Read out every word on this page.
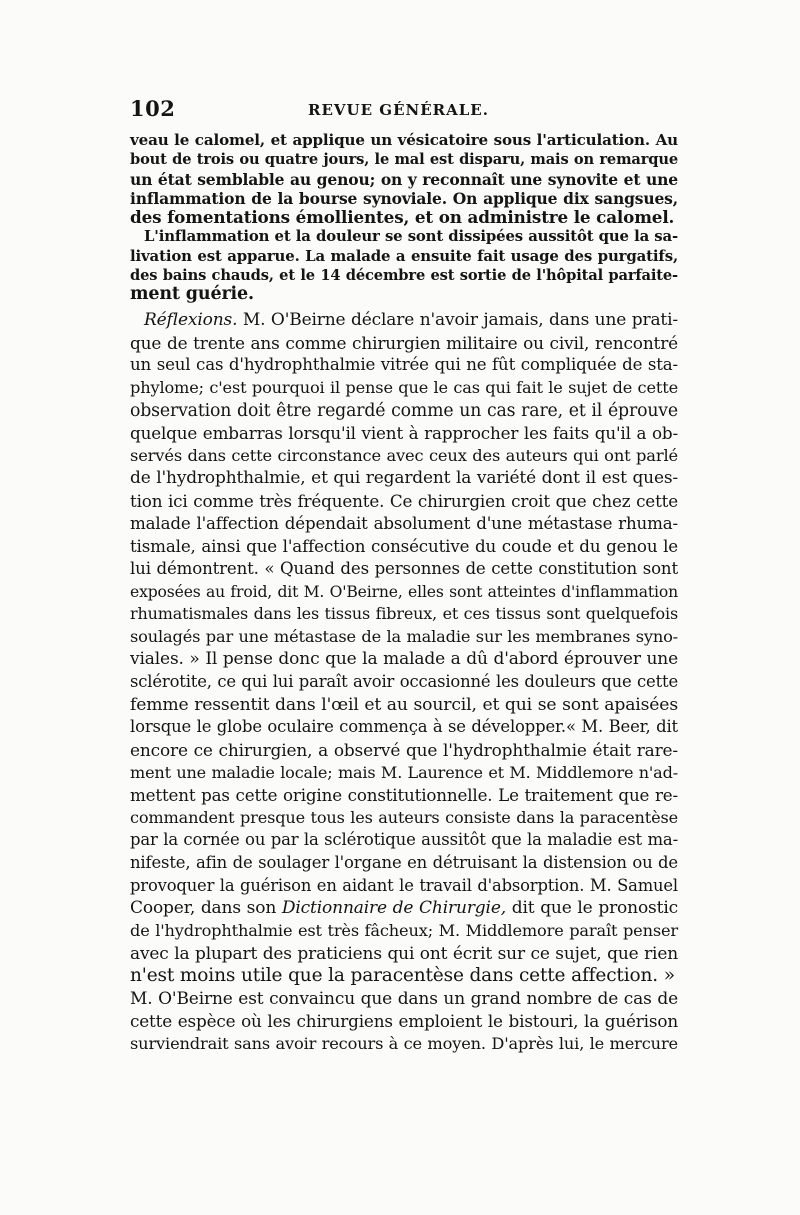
102	REVUE GÉNÉRALE.
veau le calomel, et applique un vésicatoire sous l'articulation. Au
bout de trois ou quatre jours, le mal est disparu, mais on remarque
un état semblable au genou; on y reconnaît une synovite et une
inflammation de la bourse synoviale. On applique dix sangsues,
des fomentations émollientes, et on administre le calomel.
L'inflammation et la douleur se sont dissipées aussitôt que la sa-
livation est apparue. La malade a ensuite fait usage des purgatifs,
des bains chauds, et le 14 décembre est sortie de l'hôpital parfaite-
ment guérie.
Réflexions. M. O'Beirne déclare n'avoir jamais, dans une prati-
que de trente ans comme chirurgien militaire ou civil, rencontré
un seul cas d'hydrophthalmie vitrée qui ne fût compliquée de sta-
phylome; c'est pourquoi il pense que le cas qui fait le sujet de cette
observation doit être regardé comme un cas rare, et il éprouve
quelque embarras lorsqu'il vient à rapprocher les faits qu'il a ob-
servés dans cette circonstance avec ceux des auteurs qui ont parlé
de l'hydrophthalmie, et qui regardent la variété dont il est ques-
tion ici comme très fréquente. Ce chirurgien croit que chez cette
malade l'affection dépendait absolument d'une métastase rhuma-
tismale, ainsi que l'affection consécutive du coude et du genou le
lui démontrent. « Quand des personnes de cette constitution sont
exposées au froid, dit M. O'Beirne, elles sont atteintes d'inflammation
rhumatismales dans les tissus fibreux, et ces tissus sont quelquefois
soulagés par une métastase de la maladie sur les membranes syno-
viales. » Il pense donc que la malade a dû d'abord éprouver une
sclérotite, ce qui lui paraît avoir occasionné les douleurs que cette
femme ressentit dans l'œil et au sourcil, et qui se sont apaisées
lorsque le globe oculaire commença à se développer.« M. Beer, dit
encore ce chirurgien, a observé que l'hydrophthalmie était rare-
ment une maladie locale; mais M. Laurence et M. Middlemore n'ad-
mettent pas cette origine constitutionnelle. Le traitement que re-
commandent presque tous les auteurs consiste dans la paracentèse
par la cornée ou par la sclérotique aussitôt que la maladie est ma-
nifeste, afin de soulager l'organe en détruisant la distension ou de
provoquer la guérison en aidant le travail d'absorption. M. Samuel
Cooper, dans son Dictionnaire de Chirurgie, dit que le pronostic
de l'hydrophthalmie est très fâcheux; M. Middlemore paraît penser
avec la plupart des praticiens qui ont écrit sur ce sujet, que rien
n'est moins utile que la paracentèse dans cette affection. »
M. O'Beirne est convaincu que dans un grand nombre de cas de
cette espèce où les chirurgiens emploient le bistouri, la guérison
surviendrait sans avoir recours à ce moyen. D'après lui, le mercure
